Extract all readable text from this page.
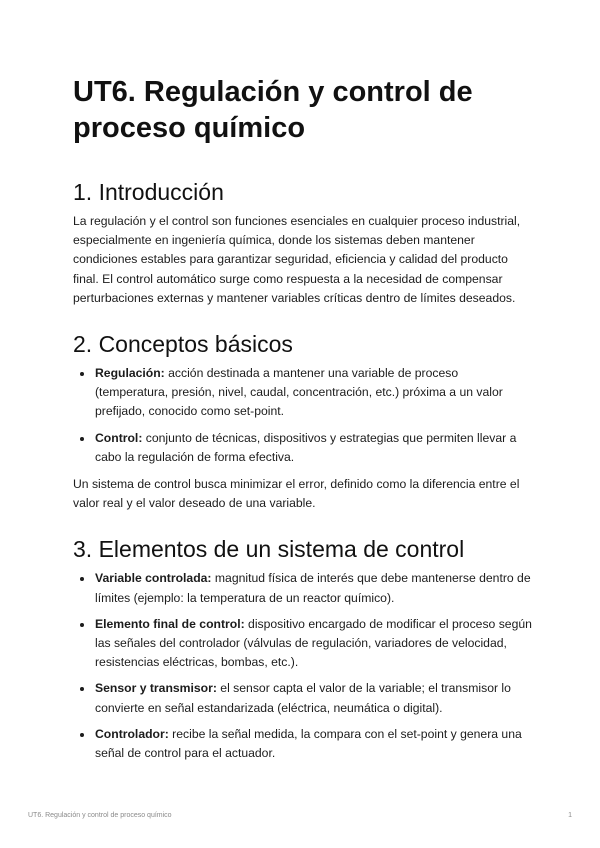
UT6. Regulación y control de proceso químico
1. Introducción

La regulación y el control son funciones esenciales en cualquier proceso industrial, especialmente en ingeniería química, donde los sistemas deben mantener condiciones estables para garantizar seguridad, eficiencia y calidad del producto final. El control automático surge como respuesta a la necesidad de compensar perturbaciones externas y mantener variables críticas dentro de límites deseados.

2. Conceptos básicos
Regulación: acción destinada a mantener una variable de proceso (temperatura, presión, nivel, caudal, concentración, etc.) próxima a un valor prefijado, conocido como set-point.
Control: conjunto de técnicas, dispositivos y estrategias que permiten llevar a cabo la regulación de forma efectiva.

Un sistema de control busca minimizar el error, definido como la diferencia entre el valor real y el valor deseado de una variable.

3. Elementos de un sistema de control
Variable controlada: magnitud física de interés que debe mantenerse dentro de límites (ejemplo: la temperatura de un reactor químico).
Elemento final de control: dispositivo encargado de modificar el proceso según las señales del controlador (válvulas de regulación, variadores de velocidad, resistencias eléctricas, bombas, etc.).
Sensor y transmisor: el sensor capta el valor de la variable; el transmisor lo convierte en señal estandarizada (eléctrica, neumática o digital).
Controlador: recibe la señal medida, la compara con el set-point y genera una señal de control para el actuador.
UT6. Regulación y control de proceso químico	1
